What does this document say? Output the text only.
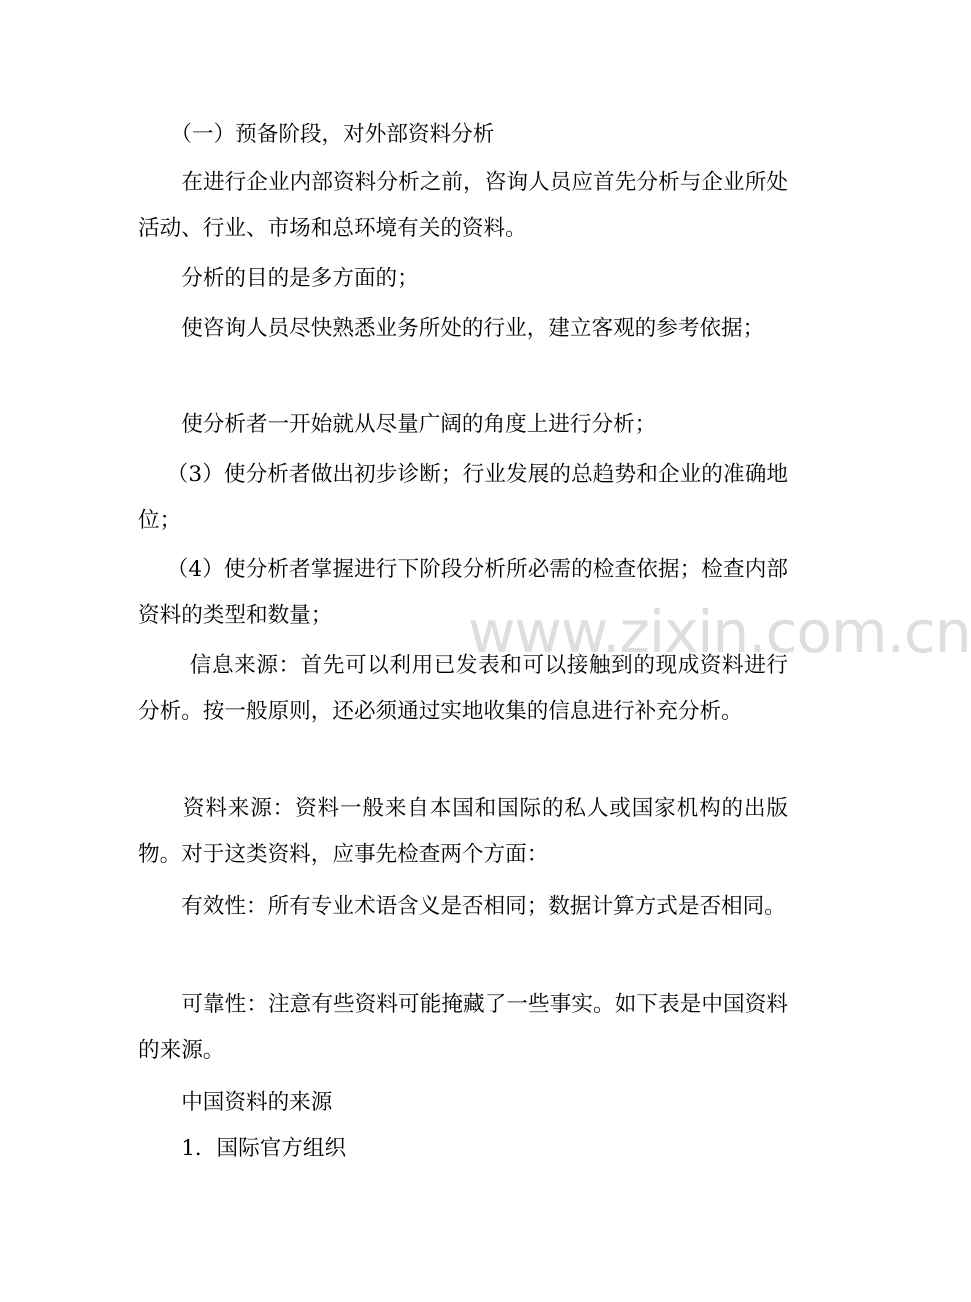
　　（一）预备阶段，对外部资料分析

　　在进行企业内部资料分析之前，咨询人员应首先分析与企业所处活动、行业、市场和总环境有关的资料。

　　分析的目的是多方面的；

　　使咨询人员尽快熟悉业务所处的行业，建立客观的参考依据；

　　使分析者一开始就从尽量广阔的角度上进行分析；

　 （3）使分析者做出初步诊断；行业发展的总趋势和企业的准确地位；

　 （4）使分析者掌握进行下阶段分析所必需的检查依据；检查内部资料的类型和数量；

　　 信息来源：首先可以利用已发表和可以接触到的现成资料进行分析。按一般原则，还必须通过实地收集的信息进行补充分析。

　　资料来源：资料一般来自本国和国际的私人或国家机构的出版物。对于这类资料，应事先检查两个方面：

　　有效性：所有专业术语含义是否相同；数据计算方式是否相同。

　　可靠性：注意有些资料可能掩藏了一些事实。如下表是中国资料的来源。

　　中国资料的来源

　　1．国际官方组织

www.zixin.com.cn
